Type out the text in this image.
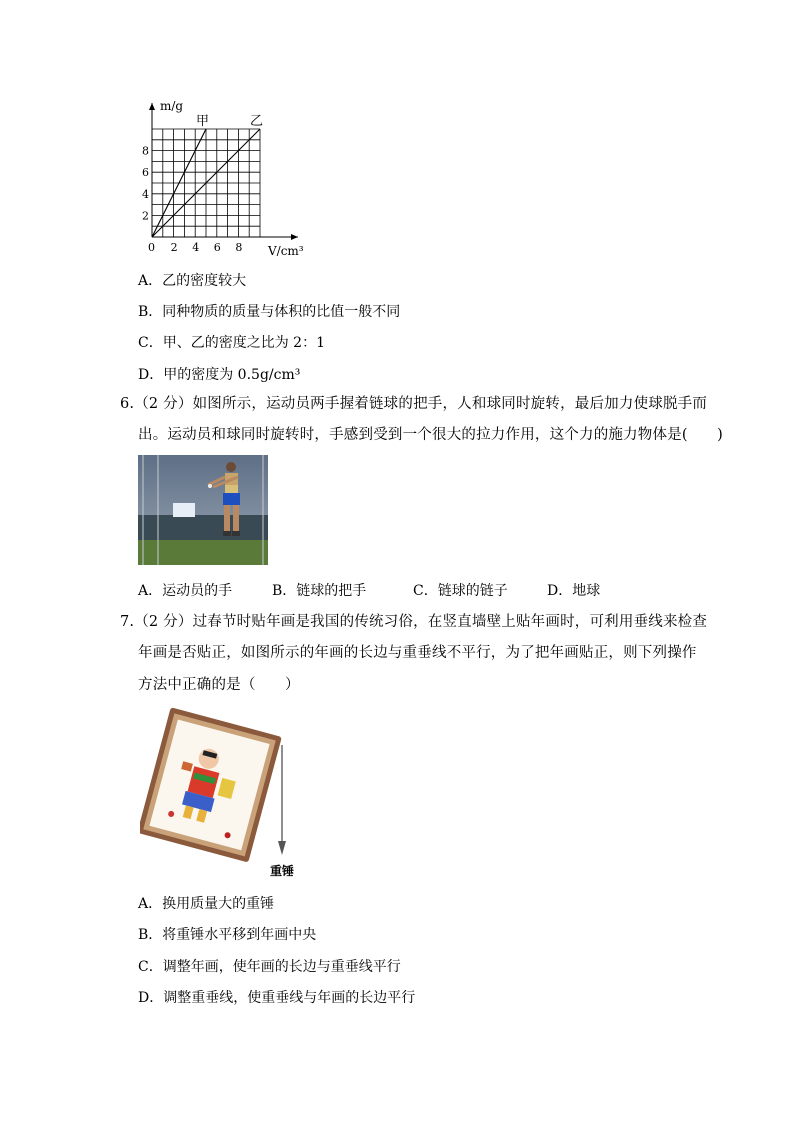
0 2 4 6 8
2
4
6
8
m/g
V/cm³
甲	乙
A．乙的密度较大
B．同种物质的质量与体积的比值一般不同
C．甲、乙的密度之比为 2：1
D．甲的密度为 0.5g/cm³
6.（2 分）如图所示，运动员两手握着链球的把手，人和球同时旋转，最后加力使球脱手而
出。运动员和球同时旋转时，手感到受到一个很大的拉力作用，这个力的施力物体是(　　)
A．运动员的手	B．链球的把手	C．链球的链子	D．地球
7.（2 分）过春节时贴年画是我国的传统习俗，在竖直墙壁上贴年画时，可利用垂线来检查
年画是否贴正，如图所示的年画的长边与重垂线不平行，为了把年画贴正，则下列操作
方法中正确的是（　　）
重锤
A．换用质量大的重锤
B．将重锤水平移到年画中央
C．调整年画，使年画的长边与重垂线平行
D．调整重垂线，使重垂线与年画的长边平行
